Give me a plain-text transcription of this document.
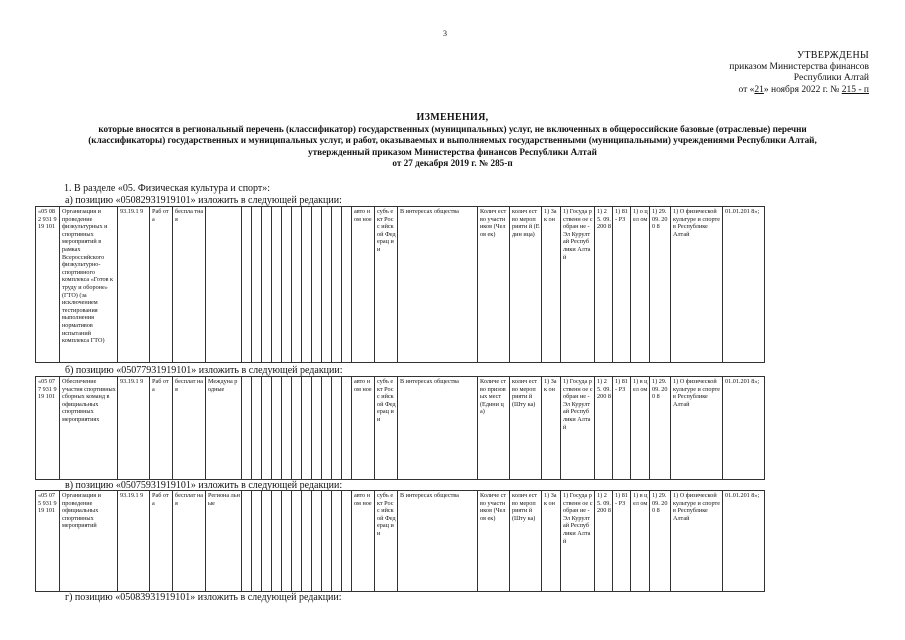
3
УТВЕРЖДЕНЫ
приказом Министерства финансов
Республики Алтай
от «21» ноября 2022 г. № 215 - п
ИЗМЕНЕНИЯ,
которые вносятся в региональный перечень (классификатор) государственных (муниципальных) услуг, не включенных в общероссийские базовые (отраслевые) перечни
(классификаторы) государственных и муниципальных услуг, и работ, оказываемых и выполняемых государственными (муниципальными) учреждениями Республики Алтай,
утвержденный приказом Министерства финансов Республики Алтай
от 27 декабря 2019 г. № 285-п
1. В разделе «05. Физическая культура и спорт»:
а) позицию «05082931919101» изложить в следующей редакции:
«05 082 931 919 101	Организация и проведение физкультурных и спортивных мероприятий в рамках Всероссийского физкультурно-спортивного комплекса «Готов к труду и обороне» (ГТО) (за исключением тестирования выполнения нормативов испытаний комплекса ГТО)	93.19.1 9	Раб ота	беспла тная													авто ном ное	субъ ект Росс ийск ой Фед ерац ии	В интересах общества	Колич ество участн иков (Челов ек)	колич ество мероп рияти й (Един ица)	1) Зак он	1) Госуда рственн ое собран ие - Эл Курулт ай Респуб лики Алтай	1) 25. 09. 200 8	1) 81- РЗ	1) о цел ом	1) 29. 09. 200 8	1) О физической культуре и спорте в Республике Алтай	01.01.201 8»;
б) позицию «05077931919101» изложить в следующей редакции:
«05 077 931 919 101	Обеспечение участия спортивных сборных команд в официальных спортивных мероприятиях	93.19.1 9	Раб ота	бесплат ная	Междуна родные												авто ном ное	субъ ект Росс ийск ой Фед ерац ии	В интересах общества	Количе ство призов ых мест (Едини ца)	колич ество мероп рияти й (Шту ка)	1) Зак он	1) Госуда рственн ое собран ие - Эл Курулт ай Респуб лики Алтай	1) 25. 09. 200 8	1) 81- РЗ	1) в цел ом	1) 29. 09. 200 8	1) О физической культуре и спорте в Республике Алтай	01.01.201 8»;
в) позицию «05075931919101» изложить в следующей редакции:
«05 075 931 919 101	Организация и проведение официальных спортивных мероприятий	93.19.1 9	Раб ота	бесплат ная	Региона льные												авто ном ное	субъ ект Росс ийск ой Фед ерац ии	В интересах общества	Количе ство участн иков (Челов ек)	колич ество мероп рияти й (Шту ка)	1) Зак он	1) Госуда рственн ое собран ие - Эл Курулт ай Респуб лики Алтай	1) 25. 09. 200 8	1) 81- РЗ	1) в цел ом	1) 29. 09. 200 8	1) О физической культуре и спорте в Республике Алтай	01.01.201 8»;
г) позицию «05083931919101» изложить в следующей редакции:
